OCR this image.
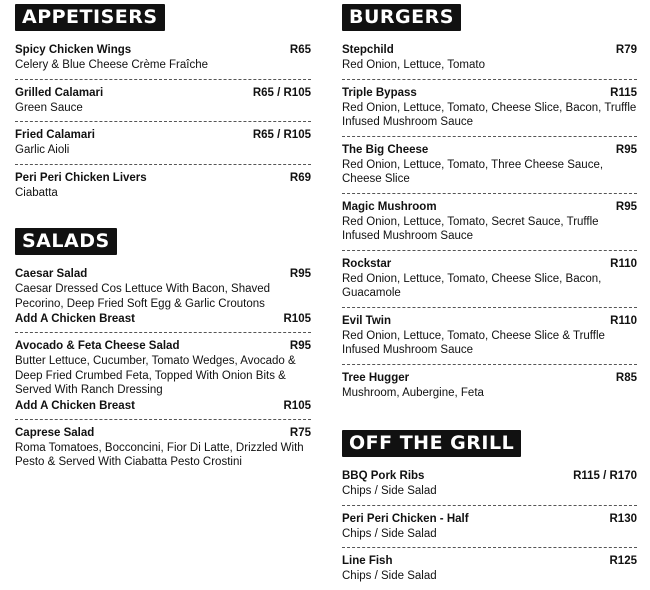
APPETISERS
Spicy Chicken Wings	R65
Celery & Blue Cheese Crème Fraîche
Grilled Calamari	R65 / R105
Green Sauce
Fried Calamari	R65 / R105
Garlic Aioli
Peri Peri Chicken Livers	R69
Ciabatta
SALADS
Caesar Salad	R95
Caesar Dressed Cos Lettuce With Bacon, Shaved Pecorino, Deep Fried Soft Egg & Garlic Croutons
Add A Chicken Breast	R105
Avocado & Feta Cheese Salad	R95
Butter Lettuce, Cucumber, Tomato Wedges, Avocado & Deep Fried Crumbed Feta, Topped With Onion Bits & Served With Ranch Dressing
Add A Chicken Breast	R105
Caprese Salad	R75
Roma Tomatoes, Bocconcini, Fior Di Latte, Drizzled With Pesto & Served With Ciabatta Pesto Crostini
BURGERS
Stepchild	R79
Red Onion, Lettuce, Tomato
Triple Bypass	R115
Red Onion, Lettuce, Tomato, Cheese Slice, Bacon, Truffle Infused Mushroom Sauce
The Big Cheese	R95
Red Onion, Lettuce, Tomato, Three Cheese Sauce, Cheese Slice
Magic Mushroom	R95
Red Onion, Lettuce, Tomato, Secret Sauce, Truffle Infused Mushroom Sauce
Rockstar	R110
Red Onion, Lettuce, Tomato, Cheese Slice, Bacon, Guacamole
Evil Twin	R110
Red Onion, Lettuce, Tomato, Cheese Slice & Truffle Infused Mushroom Sauce
Tree Hugger	R85
Mushroom, Aubergine, Feta
OFF THE GRILL
BBQ Pork Ribs	R115 / R170
Chips / Side Salad
Peri Peri Chicken - Half	R130
Chips / Side Salad
Line Fish	R125
Chips / Side Salad
